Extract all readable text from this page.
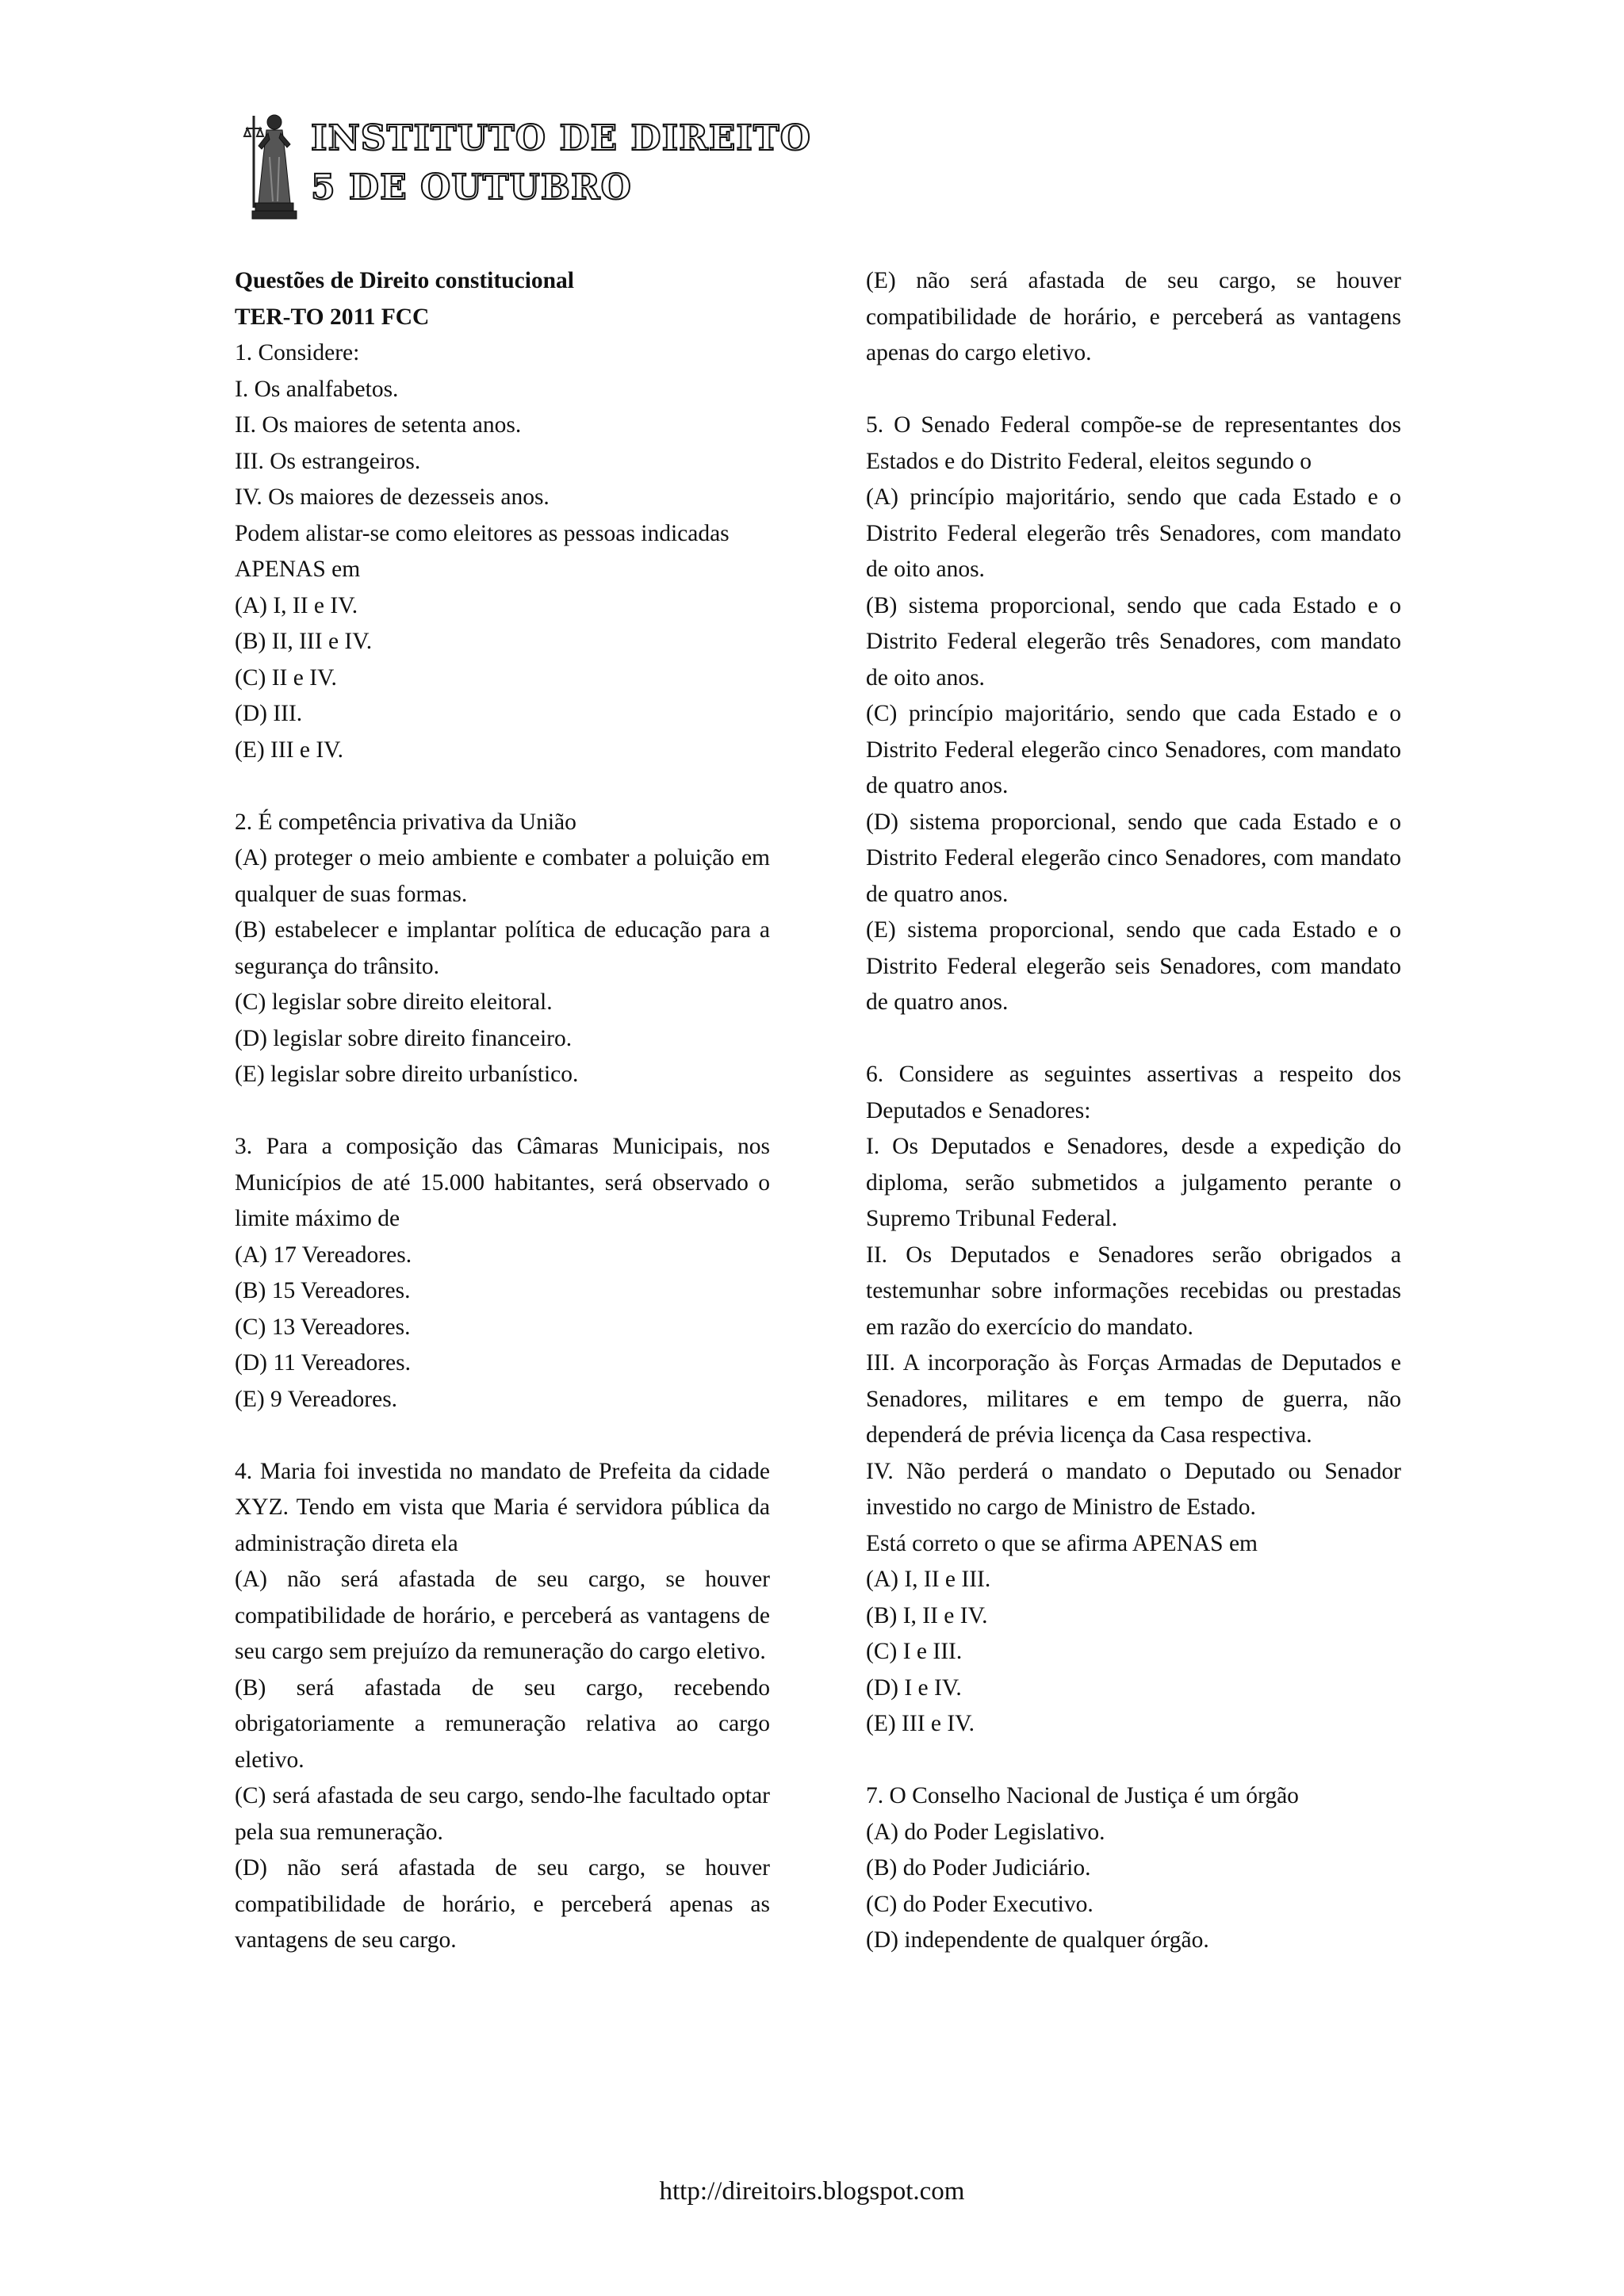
INSTITUTO DE DIREITO
5 DE OUTUBRO
Questões de Direito constitucional
TER-TO 2011 FCC
1. Considere:
I. Os analfabetos.
II. Os maiores de setenta anos.
III. Os estrangeiros.
IV. Os maiores de dezesseis anos.
Podem alistar-se como eleitores as pessoas indicadas
APENAS em
(A) I, II e IV.
(B) II, III e IV.
(C) II e IV.
(D) III.
(E) III e IV.
2. É competência privativa da União
(A) proteger o meio ambiente e combater a poluição em qualquer de suas formas.
(B) estabelecer e implantar política de educação para a segurança do trânsito.
(C) legislar sobre direito eleitoral.
(D) legislar sobre direito financeiro.
(E) legislar sobre direito urbanístico.
3. Para a composição das Câmaras Municipais, nos Municípios de até 15.000 habitantes, será observado o limite máximo de
(A) 17 Vereadores.
(B) 15 Vereadores.
(C) 13 Vereadores.
(D) 11 Vereadores.
(E) 9 Vereadores.
4. Maria foi investida no mandato de Prefeita da cidade XYZ. Tendo em vista que Maria é servidora pública da administração direta ela
(A) não será afastada de seu cargo, se houver compatibilidade de horário, e perceberá as vantagens de seu cargo sem prejuízo da remuneração do cargo eletivo.
(B) será afastada de seu cargo, recebendo obrigatoriamente a remuneração relativa ao cargo eletivo.
(C) será afastada de seu cargo, sendo-lhe facultado optar pela sua remuneração.
(D) não será afastada de seu cargo, se houver compatibilidade de horário, e perceberá apenas as vantagens de seu cargo.
(E) não será afastada de seu cargo, se houver compatibilidade de horário, e perceberá as vantagens apenas do cargo eletivo.
5. O Senado Federal compõe-se de representantes dos Estados e do Distrito Federal, eleitos segundo o
(A) princípio majoritário, sendo que cada Estado e o Distrito Federal elegerão três Senadores, com mandato de oito anos.
(B) sistema proporcional, sendo que cada Estado e o Distrito Federal elegerão três Senadores, com mandato de oito anos.
(C) princípio majoritário, sendo que cada Estado e o Distrito Federal elegerão cinco Senadores, com mandato de quatro anos.
(D) sistema proporcional, sendo que cada Estado e o Distrito Federal elegerão cinco Senadores, com mandato de quatro anos.
(E) sistema proporcional, sendo que cada Estado e o Distrito Federal elegerão seis Senadores, com mandato de quatro anos.
6. Considere as seguintes assertivas a respeito dos Deputados e Senadores:
I. Os Deputados e Senadores, desde a expedição do diploma, serão submetidos a julgamento perante o Supremo Tribunal Federal.
II. Os Deputados e Senadores serão obrigados a testemunhar sobre informações recebidas ou prestadas em razão do exercício do mandato.
III. A incorporação às Forças Armadas de Deputados e Senadores, militares e em tempo de guerra, não dependerá de prévia licença da Casa respectiva.
IV. Não perderá o mandato o Deputado ou Senador investido no cargo de Ministro de Estado.
Está correto o que se afirma APENAS em
(A) I, II e III.
(B) I, II e IV.
(C) I e III.
(D) I e IV.
(E) III e IV.
7. O Conselho Nacional de Justiça é um órgão
(A) do Poder Legislativo.
(B) do Poder Judiciário.
(C) do Poder Executivo.
(D) independente de qualquer órgão.
http://direitoirs.blogspot.com
